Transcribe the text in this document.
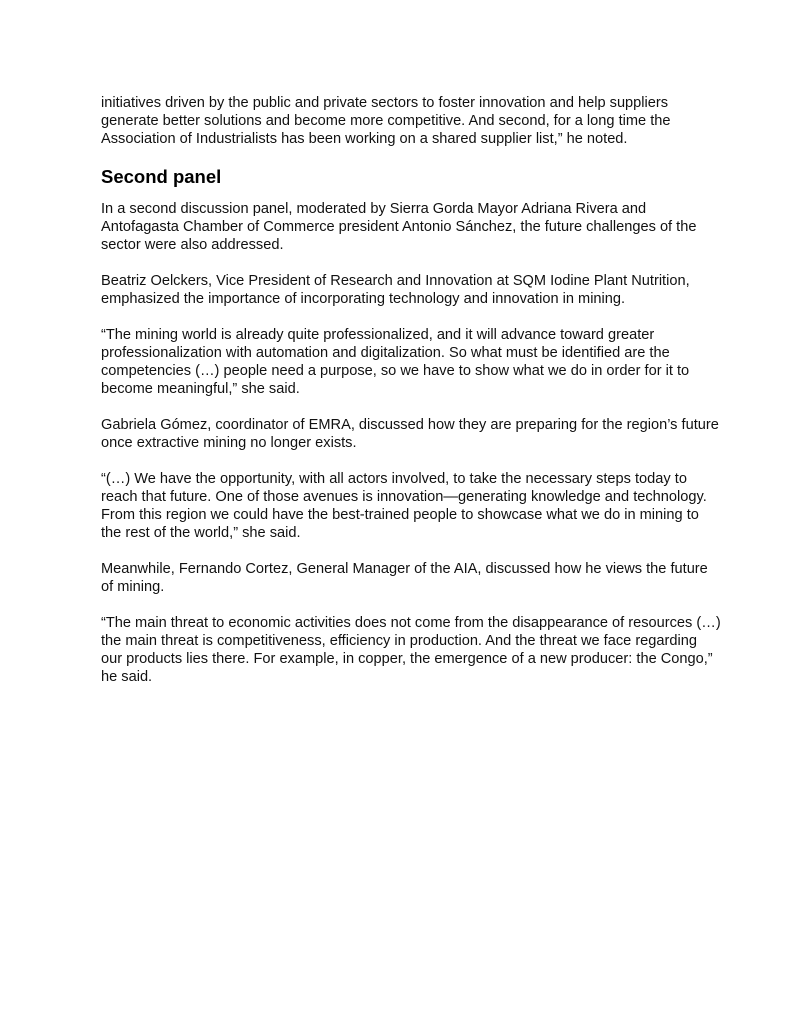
initiatives driven by the public and private sectors to foster innovation and help suppliers generate better solutions and become more competitive. And second, for a long time the Association of Industrialists has been working on a shared supplier list,” he noted.

Second panel

In a second discussion panel, moderated by Sierra Gorda Mayor Adriana Rivera and Antofagasta Chamber of Commerce president Antonio Sánchez, the future challenges of the sector were also addressed.

Beatriz Oelckers, Vice President of Research and Innovation at SQM Iodine Plant Nutrition, emphasized the importance of incorporating technology and innovation in mining.

“The mining world is already quite professionalized, and it will advance toward greater professionalization with automation and digitalization. So what must be identified are the competencies (…) people need a purpose, so we have to show what we do in order for it to become meaningful,” she said.

Gabriela Gómez, coordinator of EMRA, discussed how they are preparing for the region’s future once extractive mining no longer exists.

“(…) We have the opportunity, with all actors involved, to take the necessary steps today to reach that future. One of those avenues is innovation—generating knowledge and technology. From this region we could have the best-trained people to showcase what we do in mining to the rest of the world,” she said.

Meanwhile, Fernando Cortez, General Manager of the AIA, discussed how he views the future of mining.

“The main threat to economic activities does not come from the disappearance of resources (…) the main threat is competitiveness, efficiency in production. And the threat we face regarding our products lies there. For example, in copper, the emergence of a new producer: the Congo,” he said.
